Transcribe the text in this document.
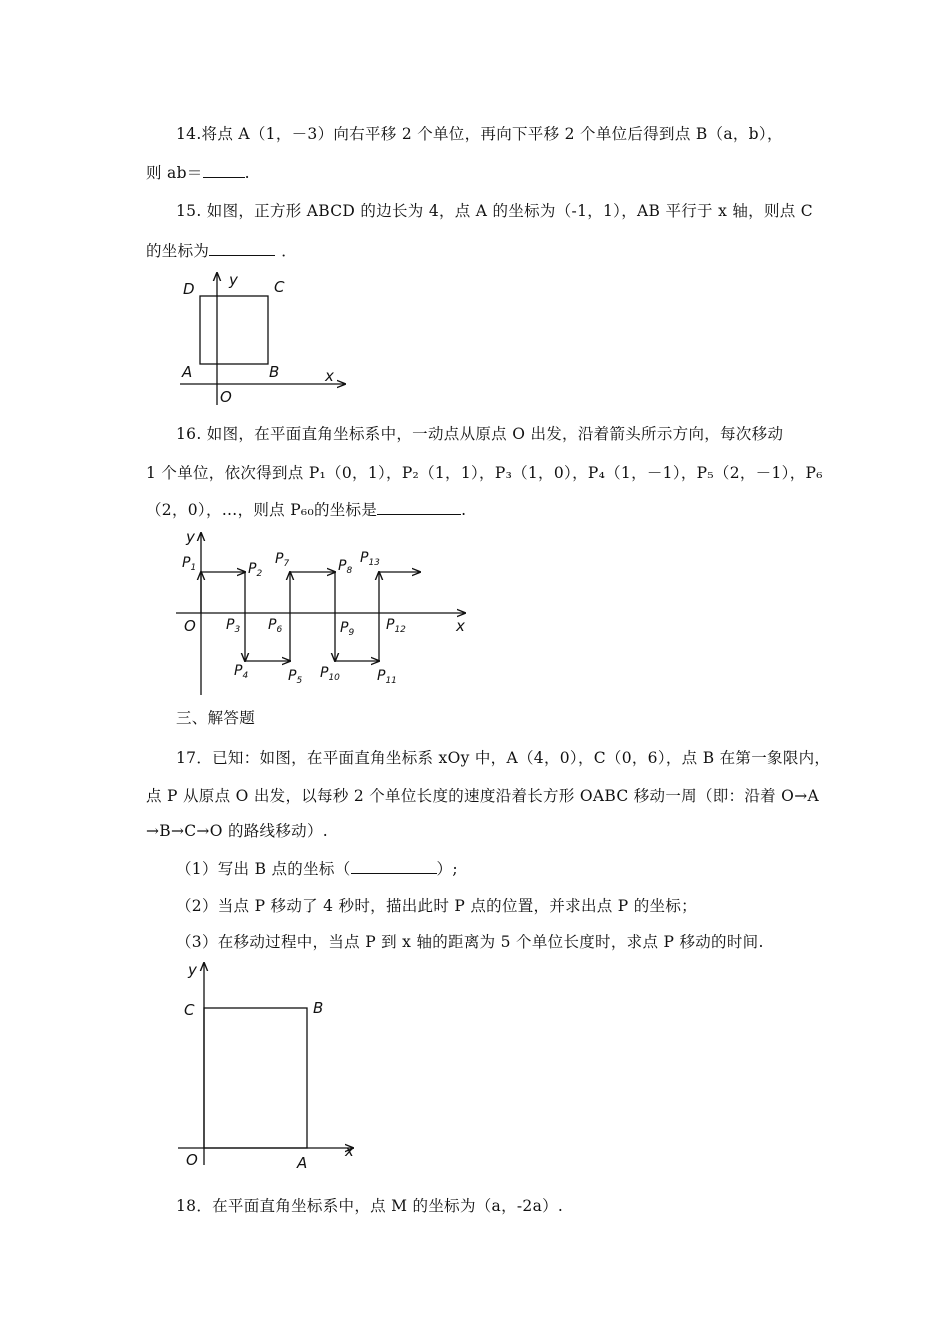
14.将点 A（1，－3）向右平移 2 个单位，再向下平移 2 个单位后得到点 B（a，b），
则 ab＝	.
15. 如图，正方形 ABCD 的边长为 4，点 A 的坐标为（-1，1），AB 平行于 x 轴，则点 C
的坐标为	．
y
D	C
A	B	x
O
16. 如图，在平面直角坐标系中，一动点从原点 O 出发，沿着箭头所示方向，每次移动
1 个单位，依次得到点 P₁（0，1），P₂（1，1），P₃（1，0），P₄（1，－1），P₅（2，－1），P₆
（2，0），…，则点 P₆₀的坐标是	.
y
x
O
$P_1$	$P_2$
$P_3$
$P_4$	$P_5$
$P_6$
$P_7$	$P_8$
$P_9$
$P_{10}$	$P_{11}$
$P_{12}$
$P_{13}$
三、解答题
17．已知：如图，在平面直角坐标系 xOy 中，A（4，0），C（0，6），点 B 在第一象限内，
点 P 从原点 O 出发，以每秒 2 个单位长度的速度沿着长方形 OABC 移动一周（即：沿着 O→A
→B→C→O 的路线移动）.
（1）写出 B 点的坐标（	）;
（2）当点 P 移动了 4 秒时，描出此时 P 点的位置，并求出点 P 的坐标；
（3）在移动过程中，当点 P 到 x 轴的距离为 5 个单位长度时，求点 P 移动的时间.
y
C	B
O	A
x
18．在平面直角坐标系中，点 M 的坐标为（a，-2a）.
